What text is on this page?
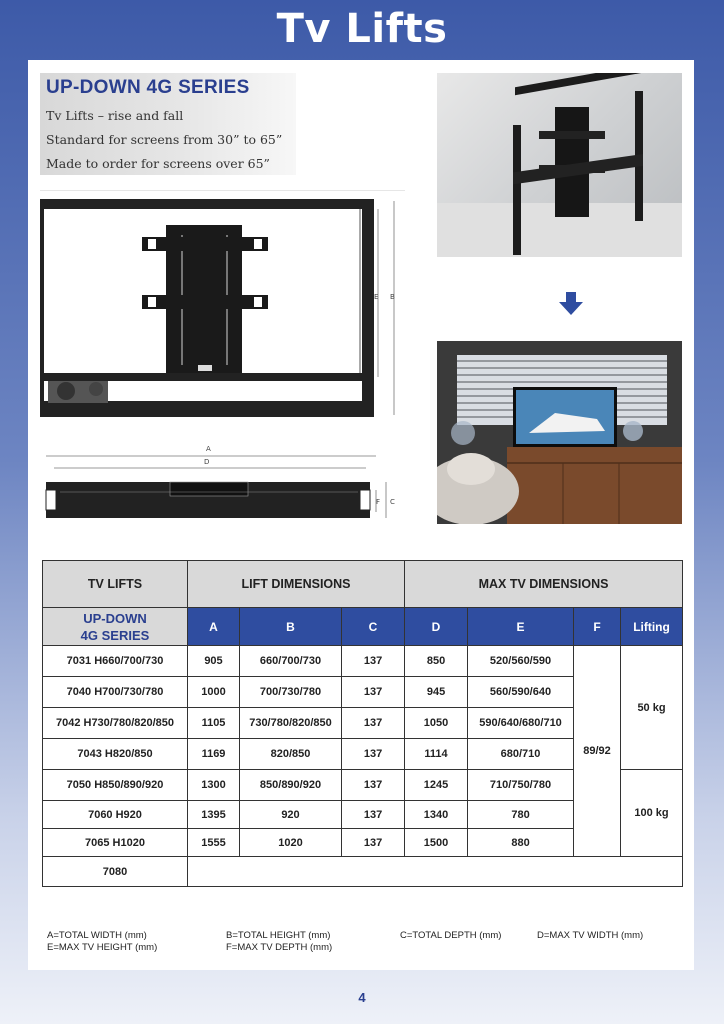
Tv Lifts
UP-DOWN 4G SERIES
Tv Lifts – rise and fall
Standard for screens from 30” to 65”
Made to order for screens over 65”
E B
A
D
F C
TV LIFTS	LIFT DIMENSIONS			MAX TV DIMENSIONS			

UP-DOWN
4G SERIES	A	B	C	D	E	F	Lifting
7031 H660/700/730	905	660/700/730	137	850	520/560/590	89/92	50 kg
7040 H700/730/780	1000	700/730/780	137	945	560/590/640		
7042 H730/780/820/850	1105	730/780/820/850	137	1050	590/640/680/710		
7043 H820/850	1169	820/850	137	1114	680/710		
7050 H850/890/920	1300	850/890/920	137	1245	710/750/780		100 kg
7060 H920	1395	920	137	1340	780		
7065 H1020	1555	1020	137	1500	880		
7080							
A=TOTAL WIDTH (mm)	B=TOTAL HEIGHT (mm)	C=TOTAL DEPTH (mm)	D=MAX TV WIDTH (mm)
E=MAX TV HEIGHT (mm)	F=MAX TV DEPTH (mm)
4
